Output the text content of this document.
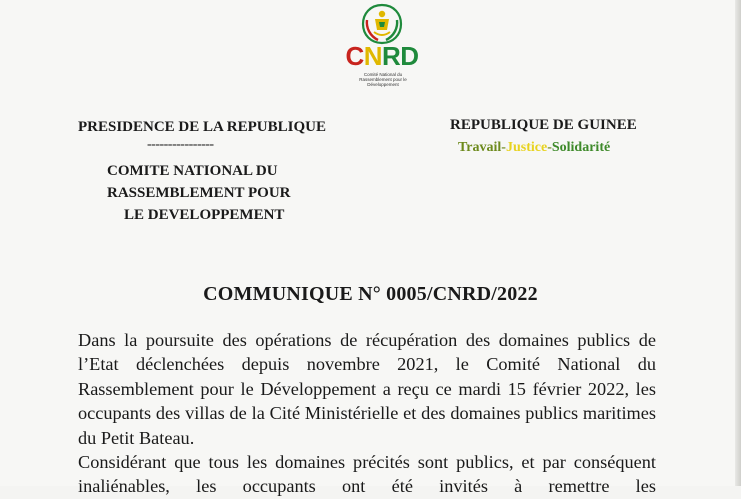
CNRD
Comité National du Rassemblement pour le Développement
PRESIDENCE DE LA REPUBLIQUE
----------------
COMITE NATIONAL DU
RASSEMBLEMENT POUR
LE DEVELOPPEMENT
REPUBLIQUE DE GUINEE
Travail-Justice-Solidarité
COMMUNIQUE N° 0005/CNRD/2022

Dans la poursuite des opérations de récupération des domaines publics de l’Etat déclenchées depuis novembre 2021, le Comité National du Rassemblement pour le Développement a reçu ce mardi 15 février 2022, les occupants des villas de la Cité Ministérielle et des domaines publics maritimes du Petit Bateau.

Considérant que tous les domaines précités sont publics, et par conséquent inaliénables, les occupants ont été invités à remettre les
